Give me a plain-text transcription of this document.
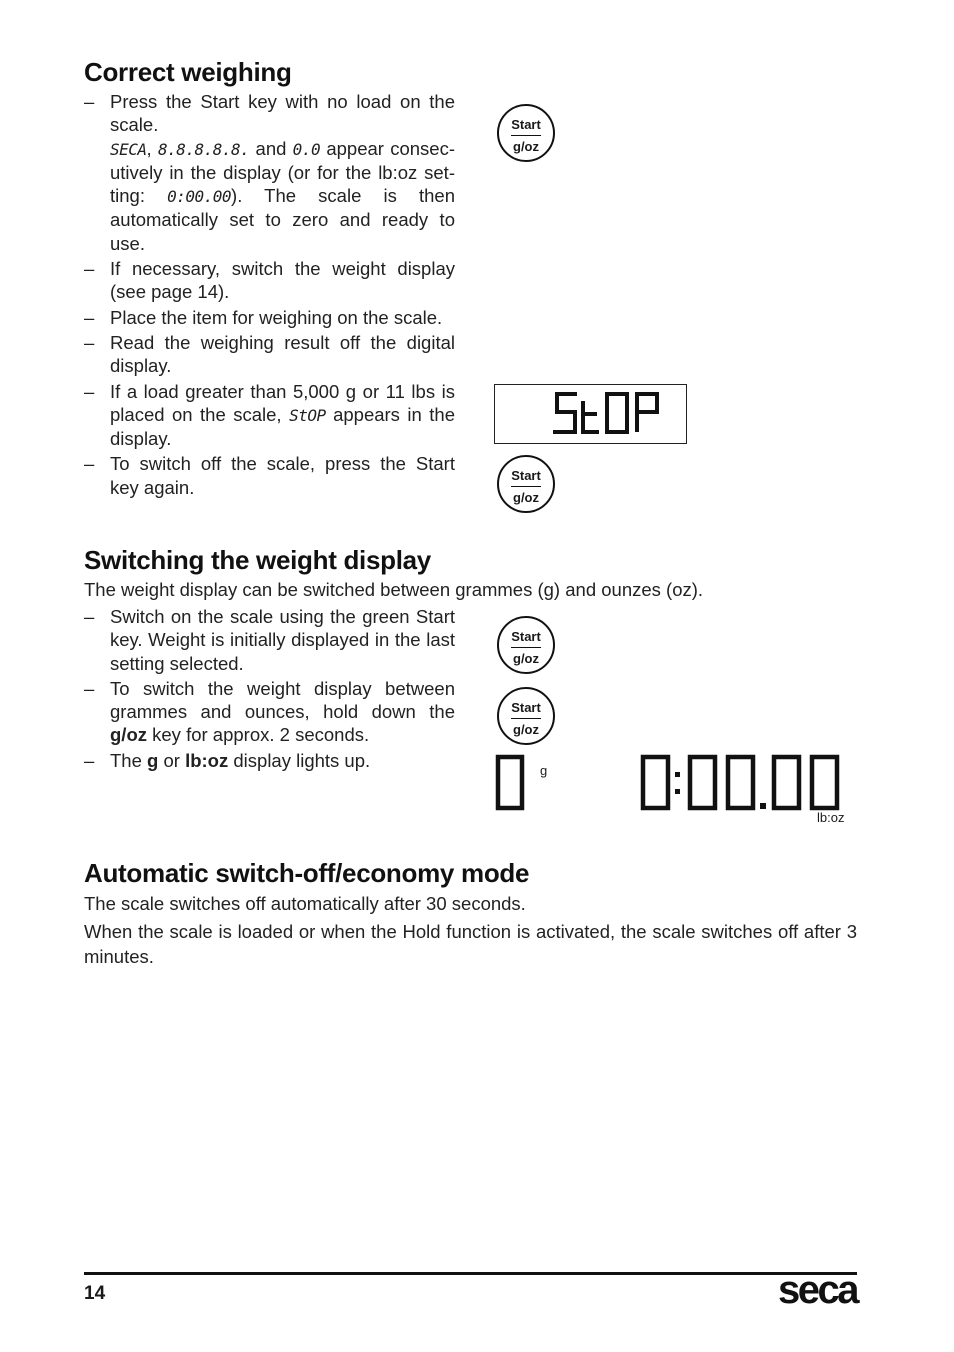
Correct weighing
– Press the Start key with no load on the scale.
SECA, 8.8.8.8.8. and 0.0 appear consec-utively in the display (or for the lb:oz set-ting: 0:00.00). The scale is then automatically set to zero and ready to use.
– If necessary, switch the weight display (see page 14).
– Place the item for weighing on the scale.
– Read the weighing result off the digital display.
– If a load greater than 5,000 g or 11 lbs is placed on the scale, StOP appears in the display.
– To switch off the scale, press the Start key again.
Start
g/oz
Start
g/oz
Switching the weight display
The weight display can be switched between grammes (g) and ounzes (oz).
– Switch on the scale using the green Start key. Weight is initially displayed in the last setting selected.
– To switch the weight display between grammes and ounces, hold down the g/oz key for approx. 2 seconds.
– The g or lb:oz display lights up.
Start
g/oz
Start
g/oz
g
lb:oz
Automatic switch-off/economy mode
The scale switches off automatically after 30 seconds.
When the scale is loaded or when the Hold function is activated, the scale switches off after 3 minutes.
14	seca
